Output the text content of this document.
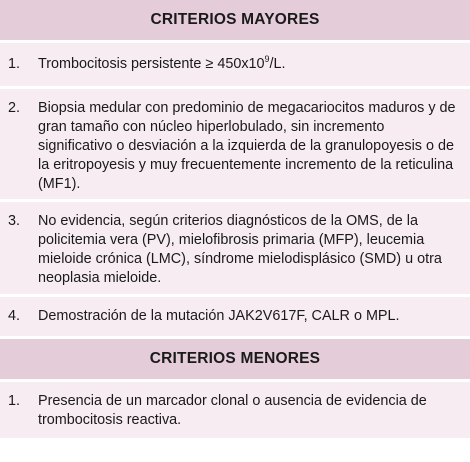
CRITERIOS MAYORES
1.	Trombocitosis persistente ≥ $450x10^9/L$.
2.	Biopsia medular con predominio de megacariocitos maduros y de gran tamaño con núcleo hiperlobulado, sin incremento significativo o desviación a la izquierda de la granulopoyesis o de la eritropoyesis y muy frecuentemente incremento de la reticulina (MF1).
3.	No evidencia, según criterios diagnósticos de la OMS, de la policitemia vera (PV), mielofibrosis primaria (MFP), leucemia mieloide crónica (LMC), síndrome mielodisplásico (SMD) u otra neoplasia mieloide.
4.	Demostración de la mutación JAK2V617F, CALR o MPL.
CRITERIOS MENORES
1.	Presencia de un marcador clonal o ausencia de evidencia de trombocitosis reactiva.
